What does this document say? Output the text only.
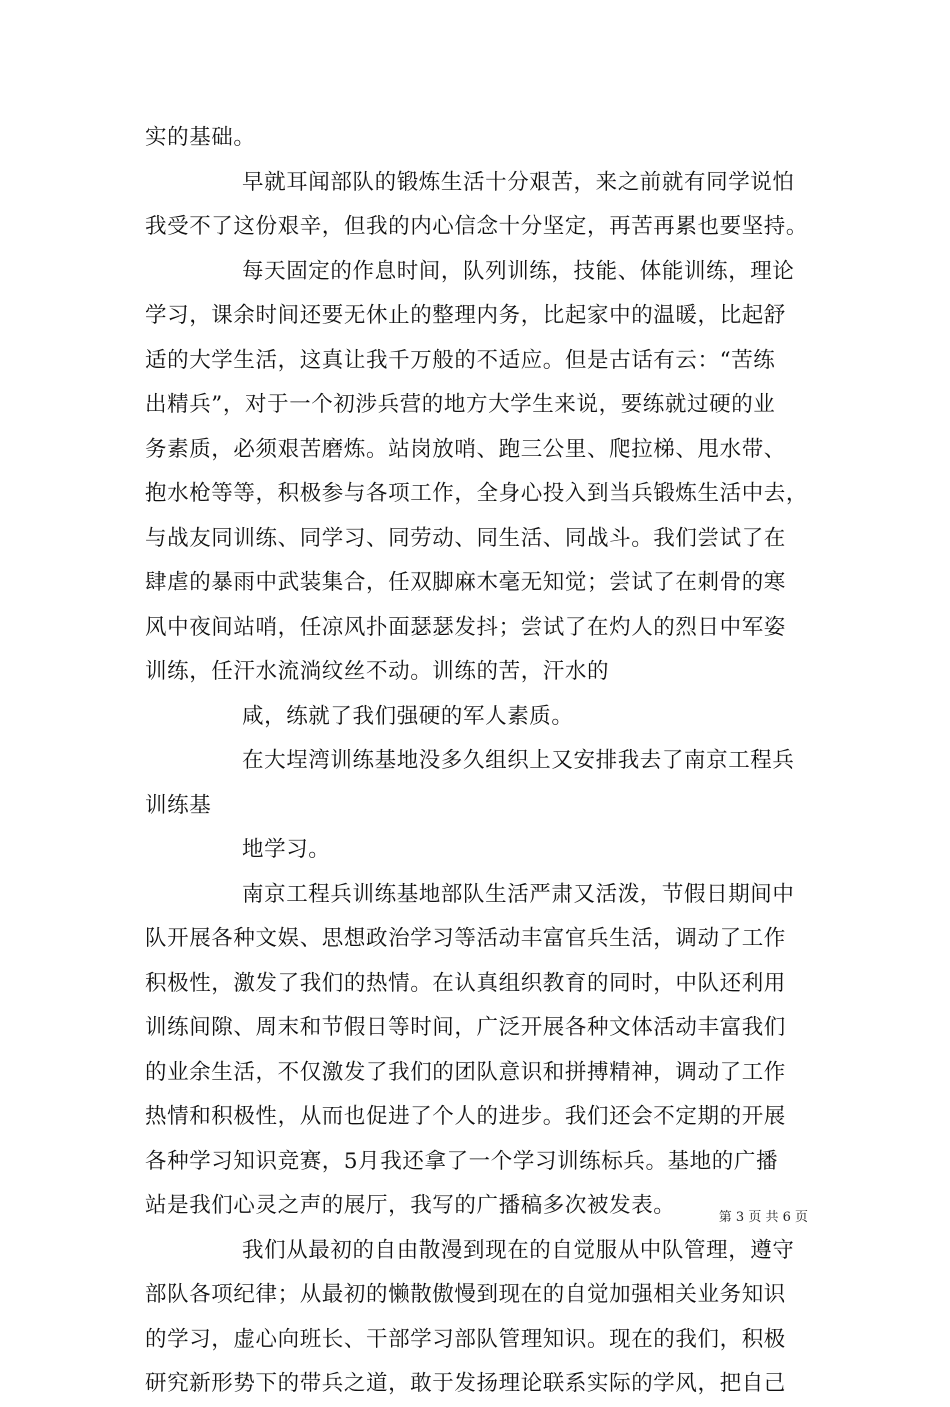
实的基础。
早就耳闻部队的锻炼生活十分艰苦，来之前就有同学说怕
我受不了这份艰辛，但我的内心信念十分坚定，再苦再累也要坚持。
每天固定的作息时间，队列训练，技能、体能训练，理论
学习，课余时间还要无休止的整理内务，比起家中的温暖，比起舒
适的大学生活，这真让我千万般的不适应。但是古话有云：“苦练
出精兵”，对于一个初涉兵营的地方大学生来说，要练就过硬的业
务素质，必须艰苦磨炼。站岗放哨、跑三公里、爬拉梯、甩水带、
抱水枪等等，积极参与各项工作，全身心投入到当兵锻炼生活中去，
与战友同训练、同学习、同劳动、同生活、同战斗。我们尝试了在
肆虐的暴雨中武装集合，任双脚麻木毫无知觉；尝试了在刺骨的寒
风中夜间站哨，任凉风扑面瑟瑟发抖；尝试了在灼人的烈日中军姿
训练，任汗水流淌纹丝不动。训练的苦，汗水的
咸，练就了我们强硬的军人素质。
在大埕湾训练基地没多久组织上又安排我去了南京工程兵
训练基
地学习。
南京工程兵训练基地部队生活严肃又活泼，节假日期间中
队开展各种文娱、思想政治学习等活动丰富官兵生活，调动了工作
积极性，激发了我们的热情。在认真组织教育的同时，中队还利用
训练间隙、周末和节假日等时间，广泛开展各种文体活动丰富我们
的业余生活，不仅激发了我们的团队意识和拼搏精神，调动了工作
热情和积极性，从而也促进了个人的进步。我们还会不定期的开展
各种学习知识竞赛，5月我还拿了一个学习训练标兵。基地的广播
站是我们心灵之声的展厅，我写的广播稿多次被发表。
我们从最初的自由散漫到现在的自觉服从中队管理，遵守
部队各项纪律；从最初的懒散傲慢到现在的自觉加强相关业务知识
的学习，虚心向班长、干部学习部队管理知识。现在的我们，积极
研究新形势下的带兵之道，敢于发扬理论联系实际的学风，把自己
第 3 页 共 6 页
